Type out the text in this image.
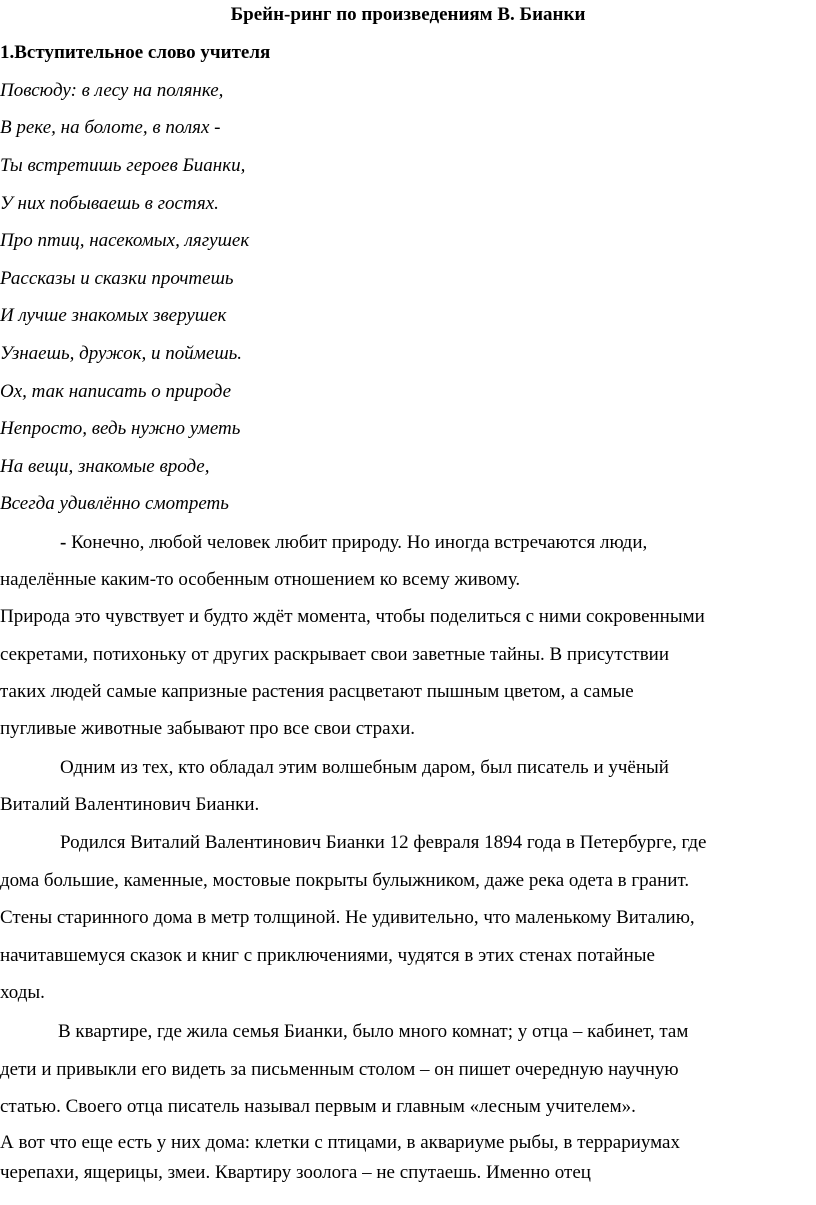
Брейн-ринг по произведениям В. Бианки
1.Вступительное слово учителя
Повсюду: в лесу на полянке,
В реке, на болоте, в полях -
Ты встретишь героев Бианки,
У них побываешь в гостях.
Про птиц, насекомых, лягушек
Рассказы и сказки прочтешь
И лучше знакомых зверушек
Узнаешь, дружок, и поймешь.
Ох, так написать о природе
Непросто, ведь нужно уметь
На вещи, знакомые вроде,
Всегда удивлённо смотреть
- Конечно, любой человек любит природу. Но иногда встречаются люди,
наделённые каким-то особенным отношением ко всему живому.
Природа это чувствует и будто ждёт момента, чтобы поделиться с ними сокровенными
секретами, потихоньку от других раскрывает свои заветные тайны. В присутствии
таких людей самые капризные растения расцветают пышным цветом, а самые
пугливые животные забывают про все свои страхи.
Одним из тех, кто обладал этим волшебным даром, был писатель и учёный
Виталий Валентинович Бианки.
Родился Виталий Валентинович Бианки 12 февраля 1894 года в Петербурге, где
дома большие, каменные, мостовые покрыты булыжником, даже река одета в гранит.
Стены старинного дома в метр толщиной. Не удивительно, что маленькому Виталию,
начитавшемуся сказок и книг с приключениями, чудятся в этих стенах потайные
ходы.
В квартире, где жила семья Бианки, было много комнат; у отца – кабинет, там
дети и привыкли его видеть за письменным столом – он пишет очередную научную
статью. Своего отца писатель называл первым и главным «лесным учителем».
А вот что еще есть у них дома: клетки с птицами, в аквариуме рыбы, в террариумах
черепахи, ящерицы, змеи. Квартиру зоолога – не спутаешь. Именно отец
